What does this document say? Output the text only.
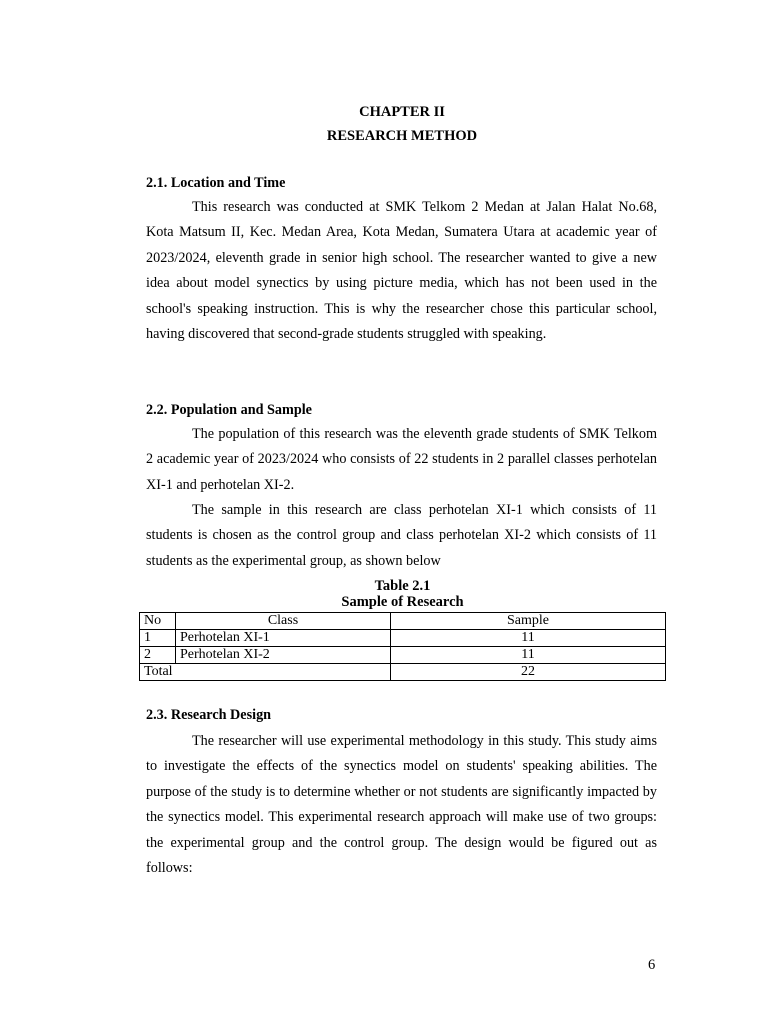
CHAPTER II
RESEARCH METHOD
2.1. Location and Time

This research was conducted at SMK Telkom 2 Medan at Jalan Halat No.68, Kota Matsum II, Kec. Medan Area, Kota Medan, Sumatera Utara at academic year of 2023/2024, eleventh grade in senior high school. The researcher wanted to give a new idea about model synectics by using picture media, which has not been used in the school's speaking instruction. This is why the researcher chose this particular school, having discovered that second-grade students struggled with speaking.

2.2. Population and Sample

The population of this research was the eleventh grade students of SMK Telkom 2 academic year of 2023/2024 who consists of 22 students in 2 parallel classes perhotelan XI-1 and perhotelan XI-2.

The sample in this research are class perhotelan XI-1 which consists of 11 students is chosen as the control group and class perhotelan XI-2 which consists of 11 students as the experimental group, as shown below

Table 2.1
Sample of Research
No	Class	Sample
1	Perhotelan XI-1	11
2	Perhotelan XI-2	11
Total		22
2.3. Research Design

The researcher will use experimental methodology in this study. This study aims to investigate the effects of the synectics model on students' speaking abilities. The purpose of the study is to determine whether or not students are significantly impacted by the synectics model. This experimental research approach will make use of two groups: the experimental group and the control group. The design would be figured out as follows:

6
